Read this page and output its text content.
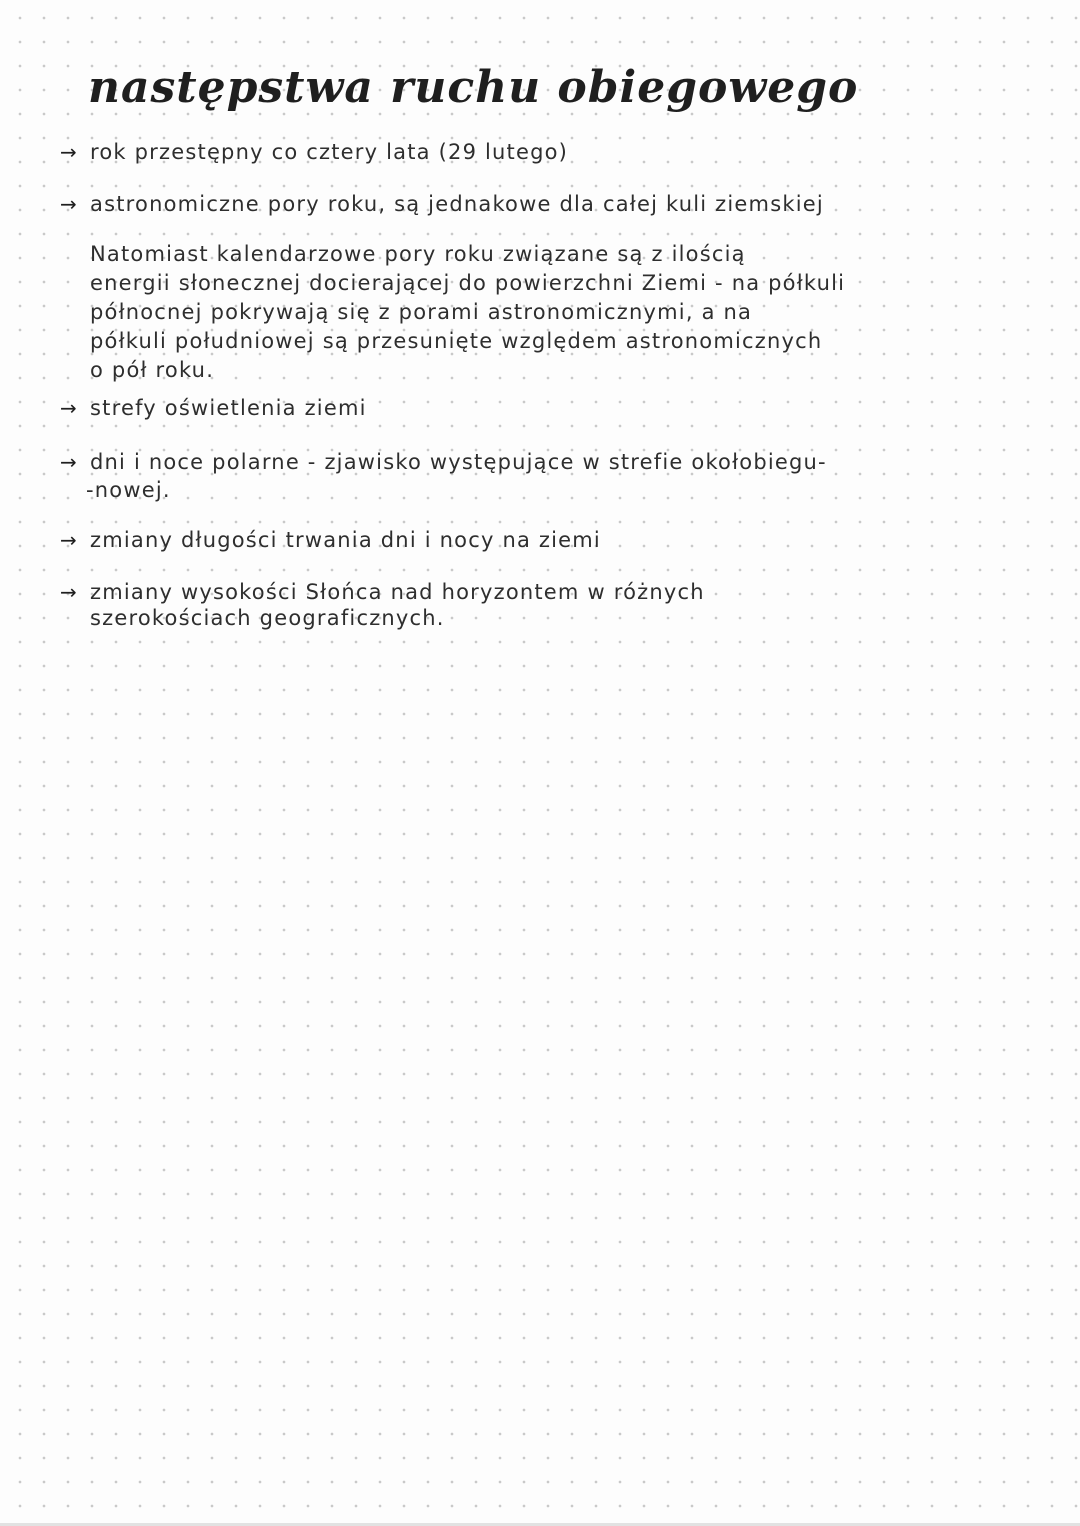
następstwa ruchu obiegowego
→ rok przestępny co cztery lata (29 lutego)
→ astronomiczne pory roku, są jednakowe dla całej kuli ziemskiej
Natomiast kalendarzowe pory roku związane są z ilością
energii słonecznej docierającej do powierzchni Ziemi - na półkuli
północnej pokrywają się z porami astronomicznymi, a na
półkuli południowej są przesunięte względem astronomicznych
o pół roku.
→ strefy oświetlenia ziemi
→ dni i noce polarne - zjawisko występujące w strefie okołobiegu-
-nowej.
→ zmiany długości trwania dni i nocy na ziemi
→ zmiany wysokości Słońca nad horyzontem w różnych
szerokościach geograficznych.
